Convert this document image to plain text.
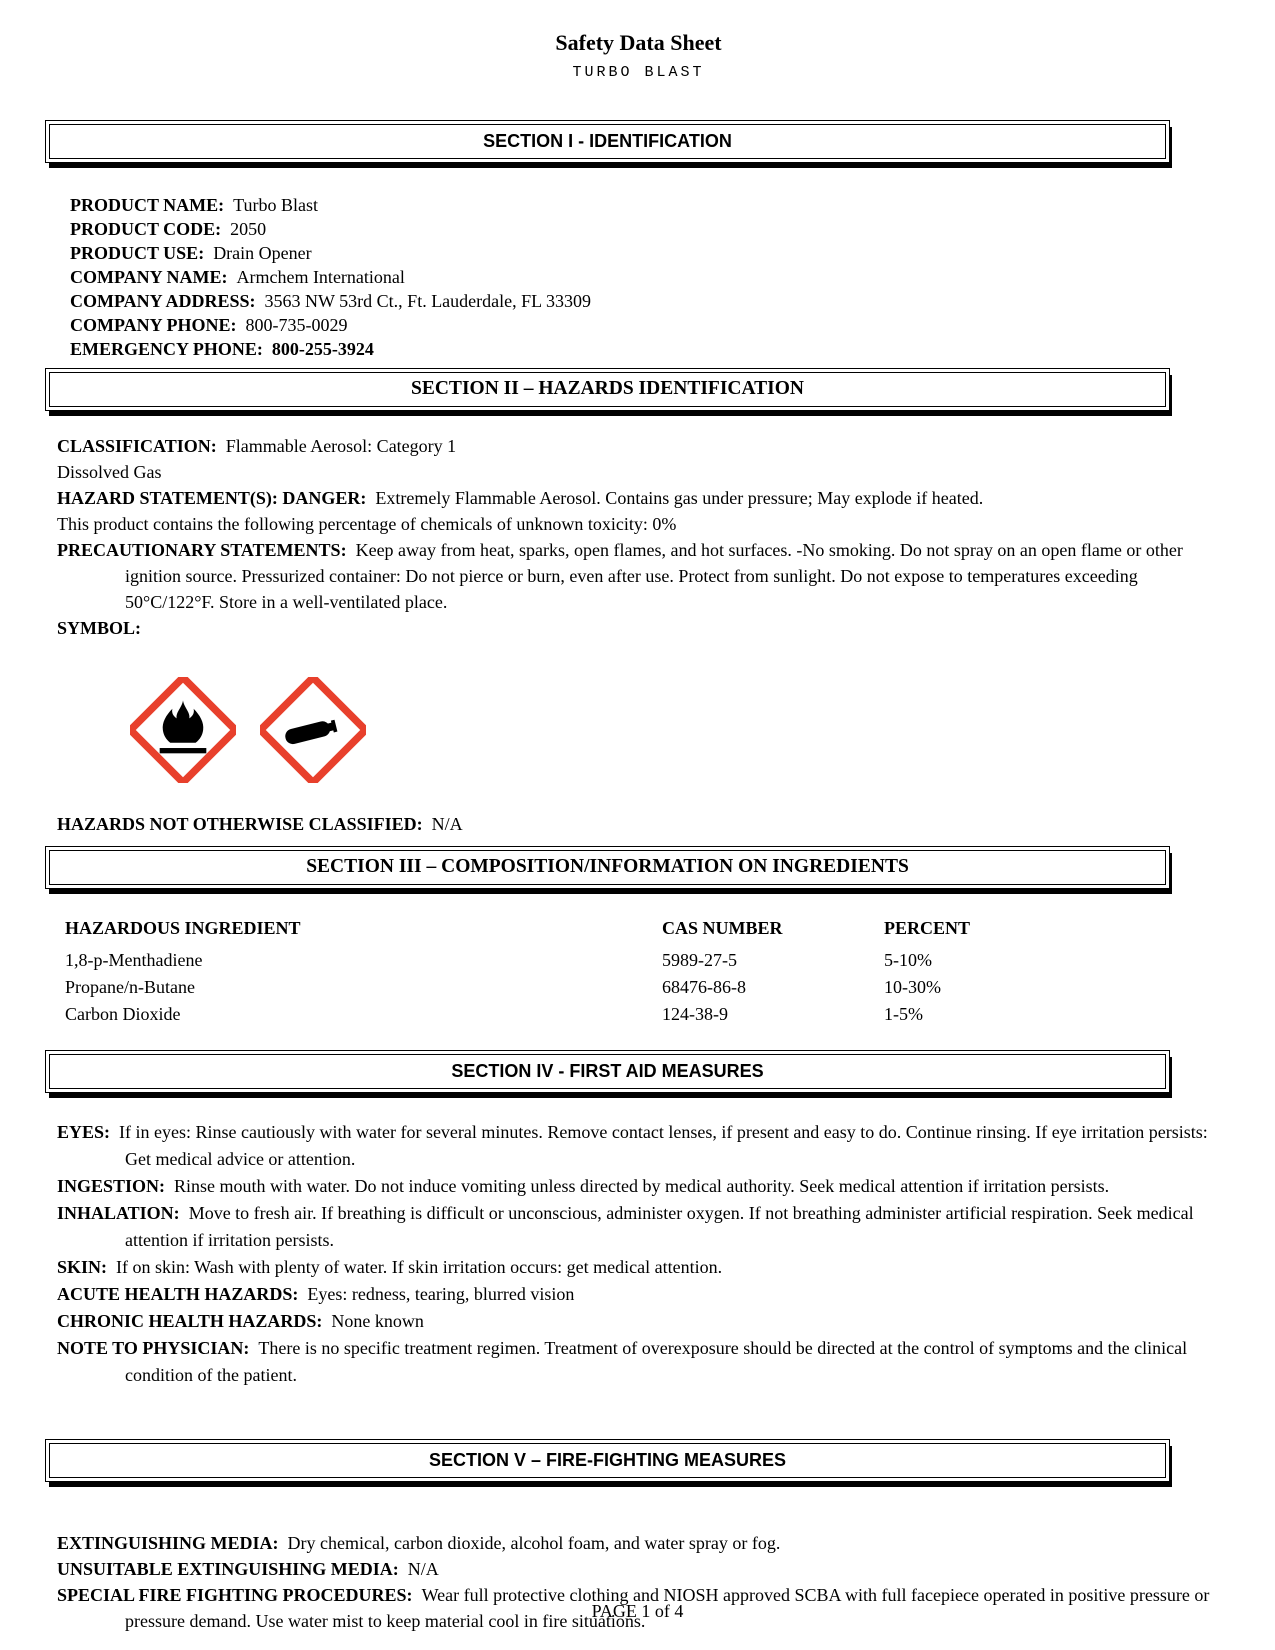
Safety Data Sheet
TURBO BLAST
SECTION I - IDENTIFICATION
PRODUCT NAME: Turbo Blast
PRODUCT CODE: 2050
PRODUCT USE: Drain Opener
COMPANY NAME: Armchem International
COMPANY ADDRESS: 3563 NW 53rd Ct., Ft. Lauderdale, FL 33309
COMPANY PHONE: 800-735-0029
EMERGENCY PHONE: 800-255-3924
SECTION II – HAZARDS IDENTIFICATION
CLASSIFICATION: Flammable Aerosol: Category 1
Dissolved Gas
HAZARD STATEMENT(S): DANGER: Extremely Flammable Aerosol. Contains gas under pressure; May explode if heated.
This product contains the following percentage of chemicals of unknown toxicity: 0%
PRECAUTIONARY STATEMENTS: Keep away from heat, sparks, open flames, and hot surfaces. -No smoking. Do not spray on an open flame or other ignition source. Pressurized container: Do not pierce or burn, even after use. Protect from sunlight. Do not expose to temperatures exceeding 50°C/122°F. Store in a well-ventilated place.
SYMBOL:
HAZARDS NOT OTHERWISE CLASSIFIED: N/A
SECTION III – COMPOSITION/INFORMATION ON INGREDIENTS
HAZARDOUS INGREDIENT	CAS NUMBER	PERCENT
1,8-p-Menthadiene	5989-27-5	5-10%
Propane/n-Butane	68476-86-8	10-30%
Carbon Dioxide	124-38-9	1-5%
SECTION IV - FIRST AID MEASURES
EYES: If in eyes: Rinse cautiously with water for several minutes. Remove contact lenses, if present and easy to do. Continue rinsing. If eye irritation persists: Get medical advice or attention.
INGESTION: Rinse mouth with water. Do not induce vomiting unless directed by medical authority. Seek medical attention if irritation persists.
INHALATION: Move to fresh air. If breathing is difficult or unconscious, administer oxygen. If not breathing administer artificial respiration. Seek medical attention if irritation persists.
SKIN: If on skin: Wash with plenty of water. If skin irritation occurs: get medical attention.
ACUTE HEALTH HAZARDS: Eyes: redness, tearing, blurred vision
CHRONIC HEALTH HAZARDS: None known
NOTE TO PHYSICIAN: There is no specific treatment regimen. Treatment of overexposure should be directed at the control of symptoms and the clinical condition of the patient.
SECTION V – FIRE-FIGHTING MEASURES
EXTINGUISHING MEDIA: Dry chemical, carbon dioxide, alcohol foam, and water spray or fog.
UNSUITABLE EXTINGUISHING MEDIA: N/A
SPECIAL FIRE FIGHTING PROCEDURES: Wear full protective clothing and NIOSH approved SCBA with full facepiece operated in positive pressure or pressure demand. Use water mist to keep material cool in fire situations.
PAGE 1 of 4
